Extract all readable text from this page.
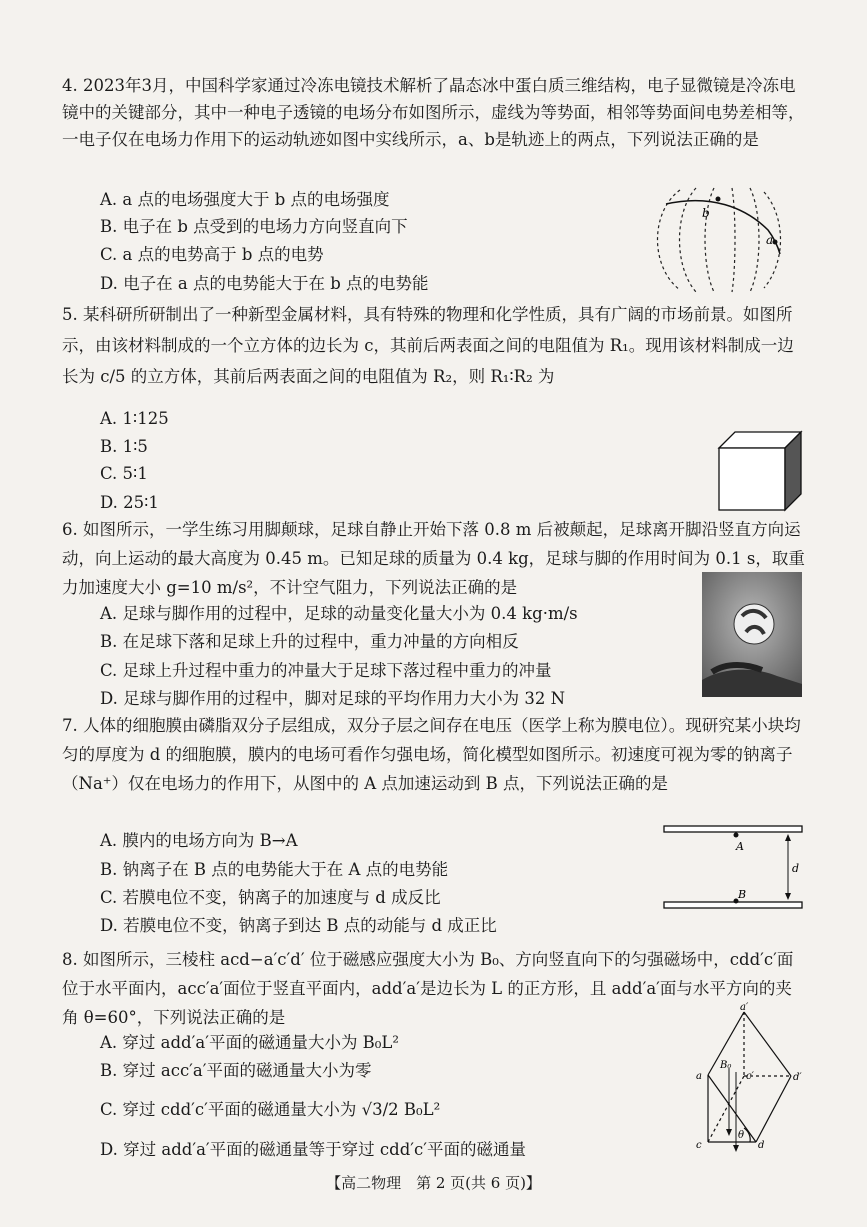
4. 2023年3月，中国科学家通过冷冻电镜技术解析了晶态冰中蛋白质三维结构，电子显微镜是冷冻电镜中的关键部分，其中一种电子透镜的电场分布如图所示，虚线为等势面，相邻等势面间电势差相等，一电子仅在电场力作用下的运动轨迹如图中实线所示，a、b是轨迹上的两点，下列说法正确的是
A. a 点的电场强度大于 b 点的电场强度
B. 电子在 b 点受到的电场力方向竖直向下
C. a 点的电势高于 b 点的电势
D. 电子在 a 点的电势能大于在 b 点的电势能
b
a
5. 某科研所研制出了一种新型金属材料，具有特殊的物理和化学性质，具有广阔的市场前景。如图所示，由该材料制成的一个立方体的边长为 c，其前后两表面之间的电阻值为 R₁。现用该材料制成一边长为 c/5 的立方体，其前后两表面之间的电阻值为 R₂，则 R₁∶R₂ 为
A. 1∶125
B. 1∶5
C. 5∶1
D. 25∶1
6. 如图所示，一学生练习用脚颠球，足球自静止开始下落 0.8 m 后被颠起，足球离开脚沿竖直方向运动，向上运动的最大高度为 0.45 m。已知足球的质量为 0.4 kg，足球与脚的作用时间为 0.1 s，取重力加速度大小 g=10 m/s²，不计空气阻力，下列说法正确的是
A. 足球与脚作用的过程中，足球的动量变化量大小为 0.4 kg·m/s
B. 在足球下落和足球上升的过程中，重力冲量的方向相反
C. 足球上升过程中重力的冲量大于足球下落过程中重力的冲量
D. 足球与脚作用的过程中，脚对足球的平均作用力大小为 32 N
7. 人体的细胞膜由磷脂双分子层组成，双分子层之间存在电压（医学上称为膜电位）。现研究某小块均匀的厚度为 d 的细胞膜，膜内的电场可看作匀强电场，简化模型如图所示。初速度可视为零的钠离子（Na⁺）仅在电场力的作用下，从图中的 A 点加速运动到 B 点，下列说法正确的是
A. 膜内的电场方向为 B→A
B. 钠离子在 B 点的电势能大于在 A 点的电势能
C. 若膜电位不变，钠离子的加速度与 d 成反比
D. 若膜电位不变，钠离子到达 B 点的动能与 d 成正比
A
B
d
8. 如图所示，三棱柱 acd−a′c′d′ 位于磁感应强度大小为 B₀、方向竖直向下的匀强磁场中，cdd′c′面位于水平面内，acc′a′面位于竖直平面内，add′a′是边长为 L 的正方形，且 add′a′面与水平方向的夹角 θ=60°，下列说法正确的是
A. 穿过 add′a′平面的磁通量大小为 B₀L²
B. 穿过 acc′a′平面的磁通量大小为零
C. 穿过 cdd′c′平面的磁通量大小为 √3/2 B₀L²
D. 穿过 add′a′平面的磁通量等于穿过 cdd′c′平面的磁通量
a′
a	c′	d′
c	d
B₀
θ
【高二物理　第 2 页(共 6 页)】
